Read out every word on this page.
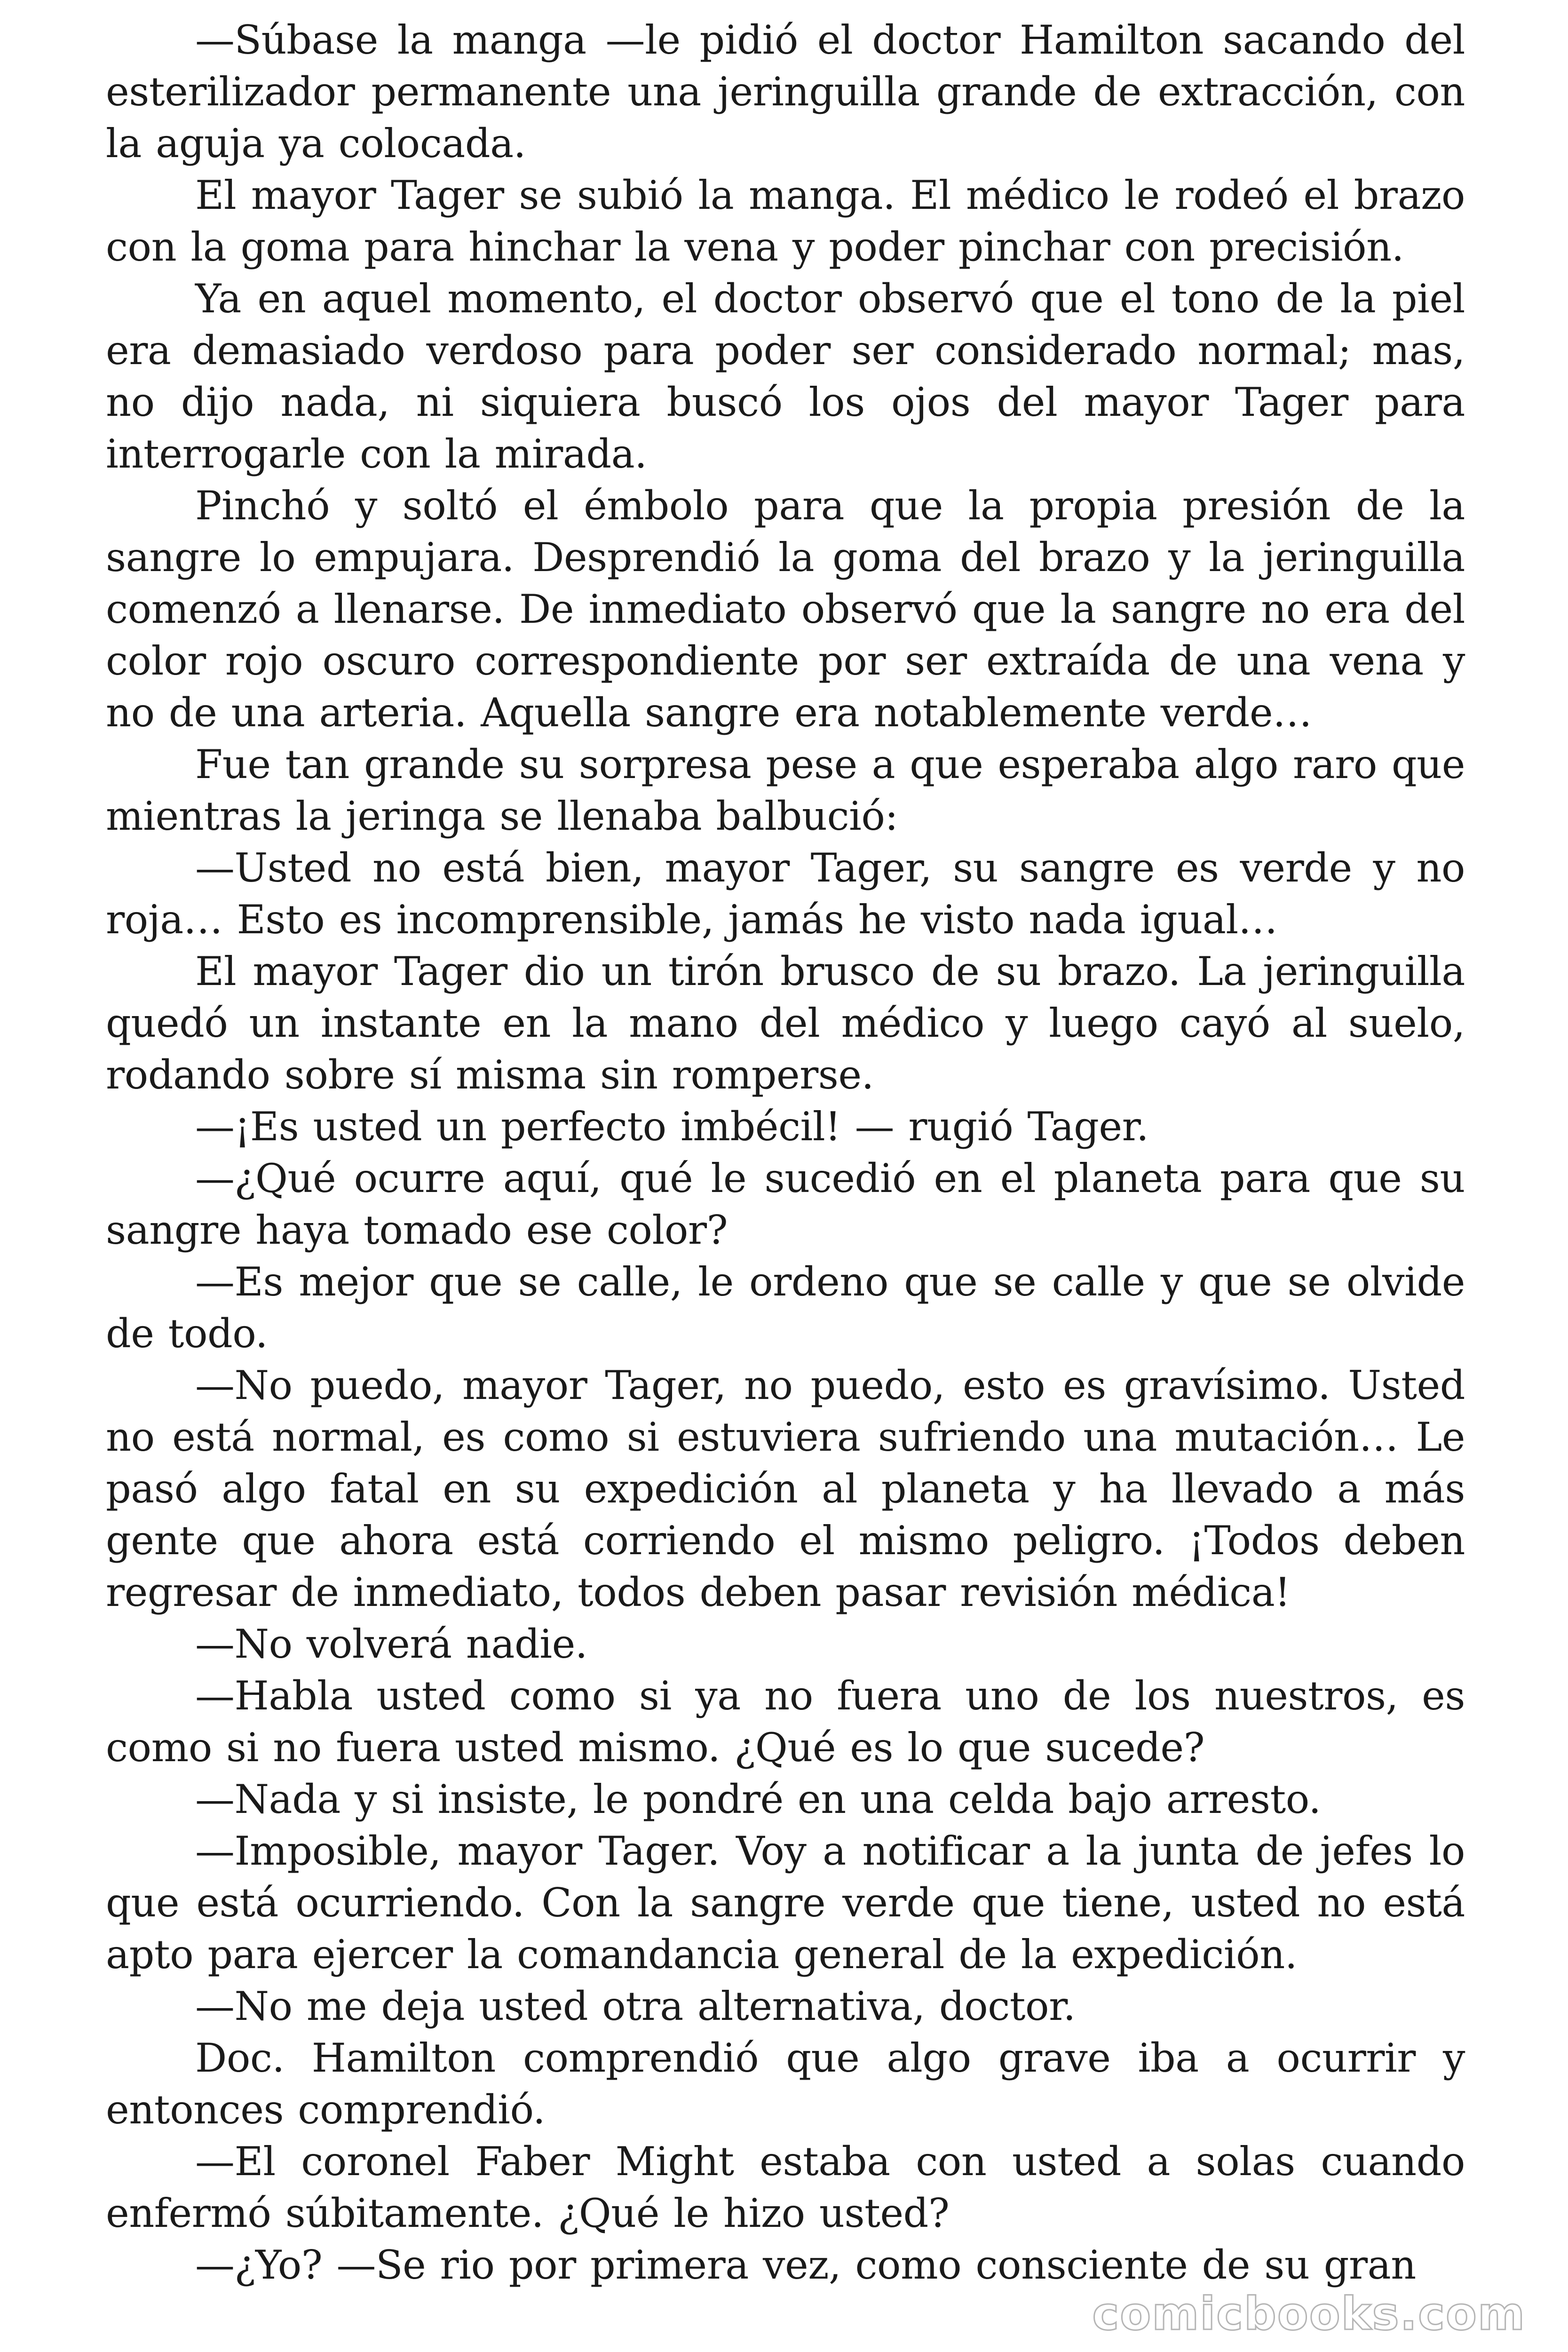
—Súbase la manga —le pidió el doctor Hamilton sacando del esterilizador permanente una jeringuilla grande de extracción, con la aguja ya colocada.

El mayor Tager se subió la manga. El médico le rodeó el brazo con la goma para hinchar la vena y poder pinchar con precisión.

Ya en aquel momento, el doctor observó que el tono de la piel era demasiado verdoso para poder ser considerado normal; mas, no dijo nada, ni siquiera buscó los ojos del mayor Tager para interrogarle con la mirada.

Pinchó y soltó el émbolo para que la propia presión de la sangre lo empujara. Desprendió la goma del brazo y la jeringuilla comenzó a llenarse. De inmediato observó que la sangre no era del color rojo oscuro correspondiente por ser extraída de una vena y no de una arteria. Aquella sangre era notablemente verde…

Fue tan grande su sorpresa pese a que esperaba algo raro que mientras la jeringa se llenaba balbució:

—Usted no está bien, mayor Tager, su sangre es verde y no roja… Esto es incomprensible, jamás he visto nada igual…

El mayor Tager dio un tirón brusco de su brazo. La jeringuilla quedó un instante en la mano del médico y luego cayó al suelo, rodando sobre sí misma sin romperse.

—¡Es usted un perfecto imbécil! — rugió Tager.

—¿Qué ocurre aquí, qué le sucedió en el planeta para que su sangre haya tomado ese color?

—Es mejor que se calle, le ordeno que se calle y que se olvide de todo.

—No puedo, mayor Tager, no puedo, esto es gravísimo. Usted no está normal, es como si estuviera sufriendo una mutación… Le pasó algo fatal en su expedición al planeta y ha llevado a más gente que ahora está corriendo el mismo peligro. ¡Todos deben regresar de inmediato, todos deben pasar revisión médica!

—No volverá nadie.

—Habla usted como si ya no fuera uno de los nuestros, es como si no fuera usted mismo. ¿Qué es lo que sucede?

—Nada y si insiste, le pondré en una celda bajo arresto.

—Imposible, mayor Tager. Voy a notificar a la junta de jefes lo que está ocurriendo. Con la sangre verde que tiene, usted no está apto para ejercer la comandancia general de la expedición.

—No me deja usted otra alternativa, doctor.

Doc. Hamilton comprendió que algo grave iba a ocurrir y entonces comprendió.

—El coronel Faber Might estaba con usted a solas cuando enfermó súbitamente. ¿Qué le hizo usted?

—¿Yo? —Se rio por primera vez, como consciente de su gran

comicbooks.com
